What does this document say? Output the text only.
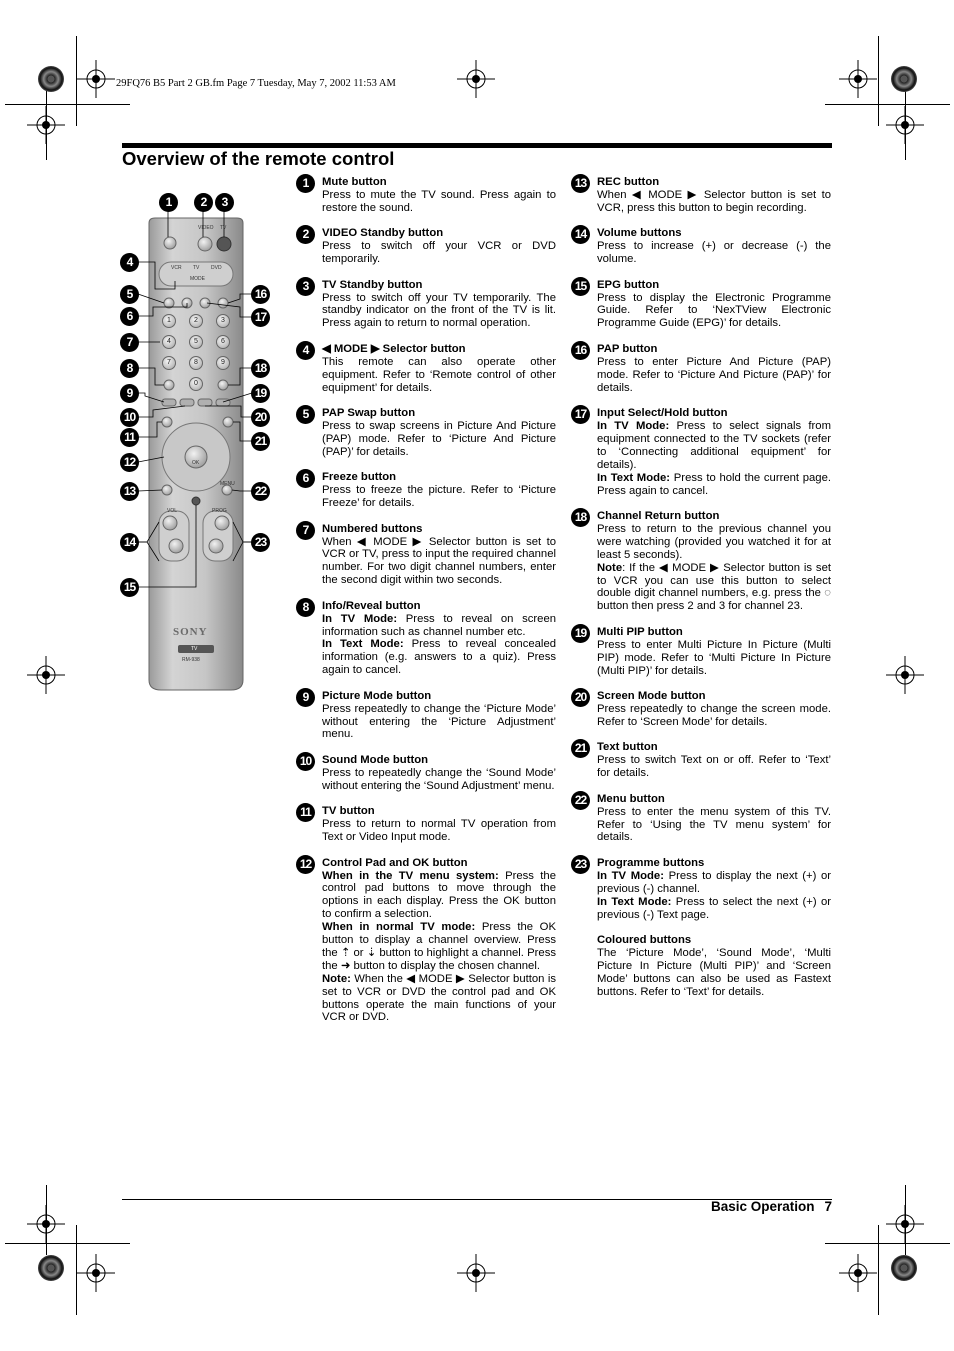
29FQ76 B5 Part 2 GB.fm Page 7 Tuesday, May 7, 2002 11:53 AM
Overview of the remote control
VIDEO TV
VCR TV DVD
MODE
OK
MENU
VOL	PROG
SONY
TV
RM-938
1	2	3
4	5	6
7	8	9
0
1	2	3
4
5
6
7
8
9
10
11
12
13
14
15
16
17
18
19
20
21
22
23
1	Mute button
Press to mute the TV sound. Press again to restore the sound.
2	VIDEO Standby button
Press to switch off your VCR or DVD temporarily.
3	TV Standby button
Press to switch off your TV temporarily. The standby indicator on the front of the TV is lit. Press again to return to normal operation.
4	◀ MODE ▶ Selector button
This remote can also operate other equipment. Refer to ‘Remote control of other equipment’ for details.
5	PAP Swap button
Press to swap screens in Picture And Picture (PAP) mode. Refer to ‘Picture And Picture (PAP)’ for details.
6	Freeze button
Press to freeze the picture. Refer to ‘Picture Freeze’ for details.
7	Numbered buttons
When ◀ MODE ▶ Selector button is set to VCR or TV, press to input the required channel number. For two digit channel numbers, enter the second digit within two seconds.
8	Info/Reveal button
In TV Mode: Press to reveal on screen information such as channel number etc.
In Text Mode: Press to reveal concealed information (e.g. answers to a quiz). Press again to cancel.
9	Picture Mode button
Press repeatedly to change the ‘Picture Mode’ without entering the ‘Picture Adjustment’ menu.
10 Sound Mode button
Press to repeatedly change the ‘Sound Mode’ without entering the ‘Sound Adjustment’ menu.
11 TV button
Press to return to normal TV operation from Text or Video Input mode.
12 Control Pad and OK button
When in the TV menu system: Press the control pad buttons to move through the options in each display. Press the OK button to confirm a selection.
When in normal TV mode: Press the OK button to display a channel overview. Press the ⇡ or ⇣ button to highlight a channel. Press the ➜ button to display the chosen channel.
Note: When the ◀ MODE ▶ Selector button is set to VCR or DVD the control pad and OK buttons operate the main functions of your VCR or DVD.
13 REC button
When ◀ MODE ▶ Selector button is set to VCR, press this button to begin recording.
14 Volume buttons
Press to increase (+) or decrease (-) the volume.
15 EPG button
Press to display the Electronic Programme Guide. Refer to ‘NexTView Electronic Programme Guide (EPG)’ for details.
16 PAP button
Press to enter Picture And Picture (PAP) mode. Refer to ‘Picture And Picture (PAP)’ for details.
17 Input Select/Hold button
In TV Mode: Press to select signals from equipment connected to the TV sockets (refer to ‘Connecting additional equipment’ for details).
In Text Mode: Press to hold the current page. Press again to cancel.
18 Channel Return button
Press to return to the previous channel you were watching (provided you watched it for at least 5 seconds).
Note: If the ◀ MODE ▶ Selector button is set to VCR you can use this button to select double digit channel numbers, e.g. press the ◌ button then press 2 and 3 for channel 23.
19 Multi PIP button
Press to enter Multi Picture In Picture (Multi PIP) mode. Refer to ‘Multi Picture In Picture (Multi PIP)’ for details.
20 Screen Mode button
Press repeatedly to change the screen mode. Refer to ‘Screen Mode’ for details.
21 Text button
Press to switch Text on or off. Refer to ‘Text’ for details.
22 Menu button
Press to enter the menu system of this TV. Refer to ‘Using the TV menu system’ for details.
23 Programme buttons
In TV Mode: Press to display the next (+) or previous (-) channel.
In Text Mode: Press to select the next (+) or previous (-) Text page.
Coloured buttons
The ‘Picture Mode’, ‘Sound Mode’, ‘Multi Picture In Picture (Multi PIP)’ and ‘Screen Mode’ buttons can also be used as Fastext buttons. Refer to ‘Text’ for details.
Basic Operation 7
